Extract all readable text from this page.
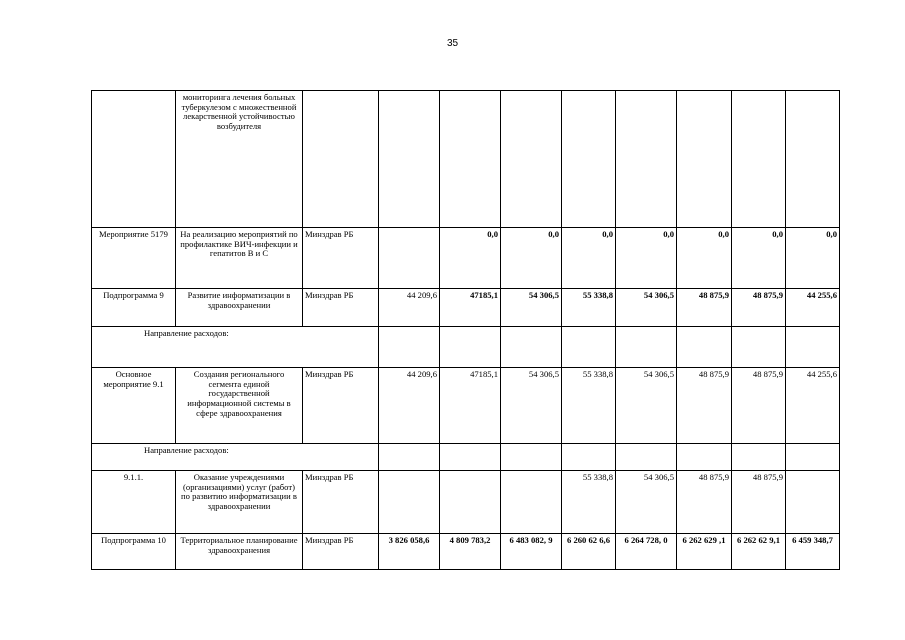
35
	мониторинга лечения больных туберкулезом с множественной лекарственной устойчивостью возбудителя									
Мероприятие 5179	На реализацию мероприятий по профилактике ВИЧ-инфекции и гепатитов В и С	Минздрав РБ		0,0	0,0	0,0	0,0	0,0	0,0	0,0
Подпрограмма 9	Развитие информатизации в здравоохранении	Минздрав РБ	44 209,6	47185,1	54 306,5	55 338,8	54 306,5	48 875,9	48 875,9	44 255,6
Направление расходов:										
Основное мероприятие 9.1	Создания регионального сегмента единой государственной информационной системы в сфере здравоохранения	Минздрав РБ	44 209,6	47185,1	54 306,5	55 338,8	54 306,5	48 875,9	48 875,9	44 255,6
Направление расходов:										
9.1.1.	Оказание учреждениями (организациями) услуг (работ) по развитию информатизации в здравоохранении	Минздрав РБ				55 338,8	54 306,5	48 875,9	48 875,9	
Подпрограмма 10	Территориальное планирование здравоохранения	Минздрав РБ	3 826 058,6	4 809 783,2	6 483 082, 9	6 260 62 6,6	6 264 728, 0	6 262 629 ,1	6 262 62 9,1	6 459 348,7
